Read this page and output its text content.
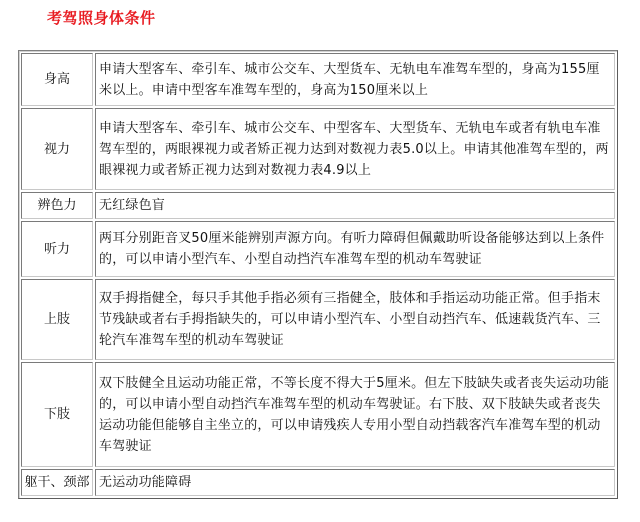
考驾照身体条件
身高	申请大型客车、牵引车、城市公交车、大型货车、无轨电车准驾车型的，身高为155厘米以上。申请中型客车准驾车型的，身高为150厘米以上
视力	申请大型客车、牵引车、城市公交车、中型客车、大型货车、无轨电车或者有轨电车准驾车型的，两眼裸视力或者矫正视力达到对数视力表5.0以上。申请其他准驾车型的，两眼裸视力或者矫正视力达到对数视力表4.9以上
辨色力	无红绿色盲
听力	两耳分别距音叉50厘米能辨别声源方向。有听力障碍但佩戴助听设备能够达到以上条件的，可以申请小型汽车、小型自动挡汽车准驾车型的机动车驾驶证
上肢	双手拇指健全，每只手其他手指必须有三指健全，肢体和手指运动功能正常。但手指末节残缺或者右手拇指缺失的，可以申请小型汽车、小型自动挡汽车、低速载货汽车、三轮汽车准驾车型的机动车驾驶证
下肢	双下肢健全且运动功能正常，不等长度不得大于5厘米。但左下肢缺失或者丧失运动功能的，可以申请小型自动挡汽车准驾车型的机动车驾驶证。右下肢、双下肢缺失或者丧失运动功能但能够自主坐立的，可以申请残疾人专用小型自动挡载客汽车准驾车型的机动车驾驶证
躯干、颈部	无运动功能障碍
